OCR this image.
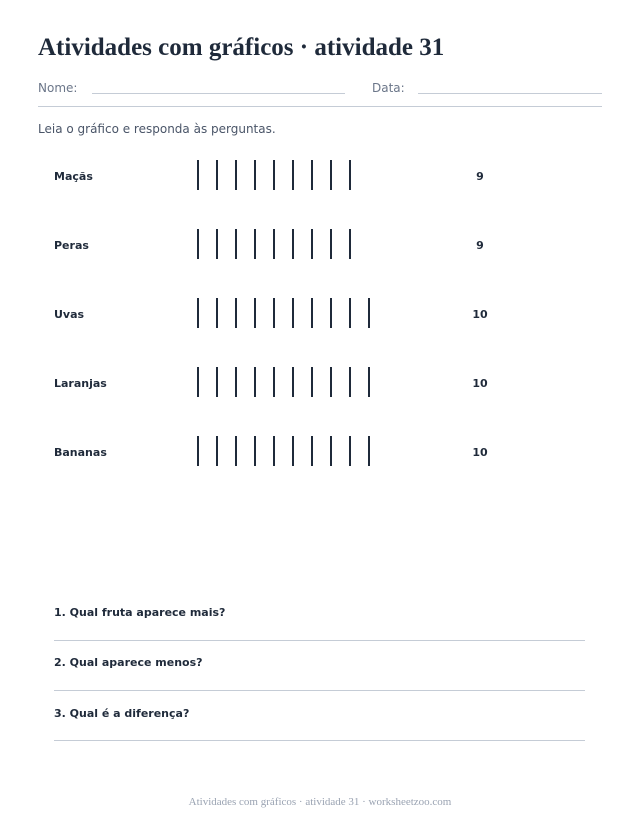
Atividades com gráficos · atividade 31
Nome:	Data:
Leia o gráfico e responda às perguntas.
Maçãs	9
Peras	9
Uvas	10
Laranjas	10
Bananas	10
1. Qual fruta aparece mais?
2. Qual aparece menos?
3. Qual é a diferença?
Atividades com gráficos · atividade 31 · worksheetzoo.com
